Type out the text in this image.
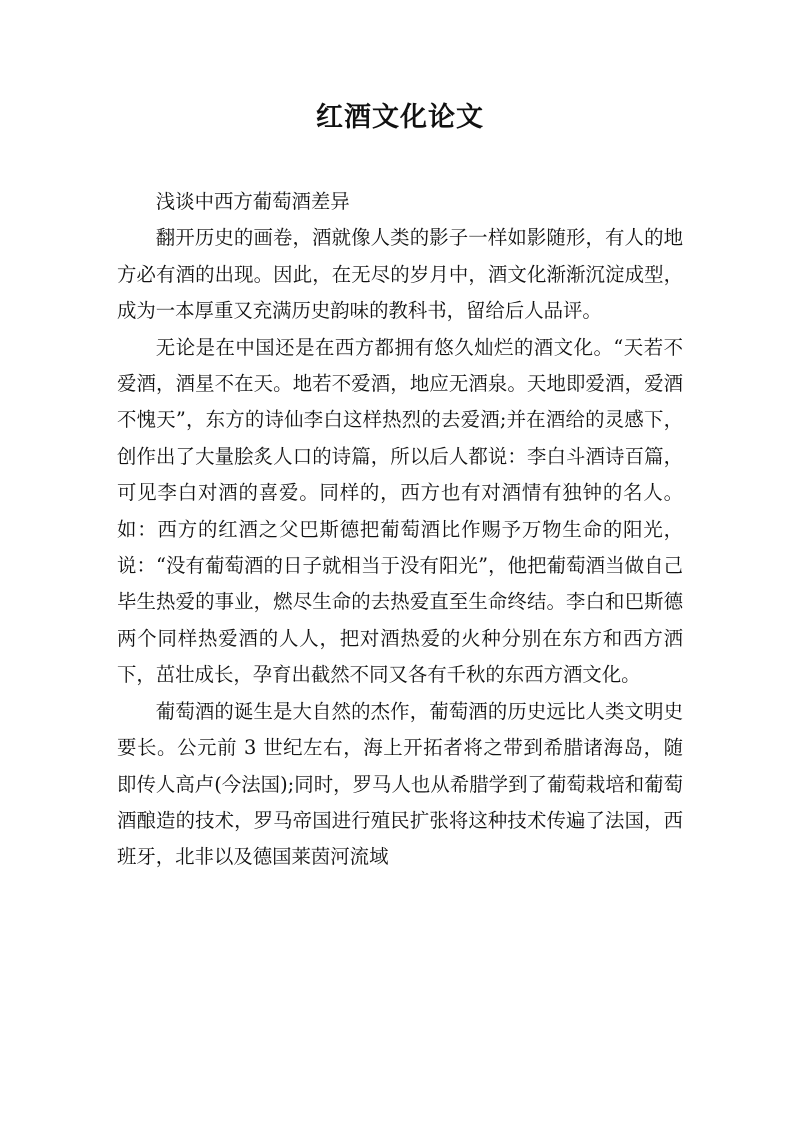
红酒文化论文

浅谈中西方葡萄酒差异

翻开历史的画卷，酒就像人类的影子一样如影随形，有人的地方必有酒的出现。因此，在无尽的岁月中，酒文化渐渐沉淀成型，成为一本厚重又充满历史韵味的教科书，留给后人品评。

无论是在中国还是在西方都拥有悠久灿烂的酒文化。“天若不爱酒，酒星不在天。地若不爱酒，地应无酒泉。天地即爱酒，爱酒不愧天”，东方的诗仙李白这样热烈的去爱酒;并在酒给的灵感下，创作出了大量脍炙人口的诗篇，所以后人都说：李白斗酒诗百篇，可见李白对酒的喜爱。同样的，西方也有对酒情有独钟的名人。如：西方的红酒之父巴斯德把葡萄酒比作赐予万物生命的阳光，说：“没有葡萄酒的日子就相当于没有阳光”，他把葡萄酒当做自己毕生热爱的事业，燃尽生命的去热爱直至生命终结。李白和巴斯德两个同样热爱酒的人人，把对酒热爱的火种分别在东方和西方洒下，茁壮成长，孕育出截然不同又各有千秋的东西方酒文化。

葡萄酒的诞生是大自然的杰作，葡萄酒的历史远比人类文明史要长。公元前 3 世纪左右，海上开拓者将之带到希腊诸海岛，随即传人高卢(今法国);同时，罗马人也从希腊学到了葡萄栽培和葡萄酒酿造的技术，罗马帝国进行殖民扩张将这种技术传遍了法国，西班牙，北非以及德国莱茵河流域
